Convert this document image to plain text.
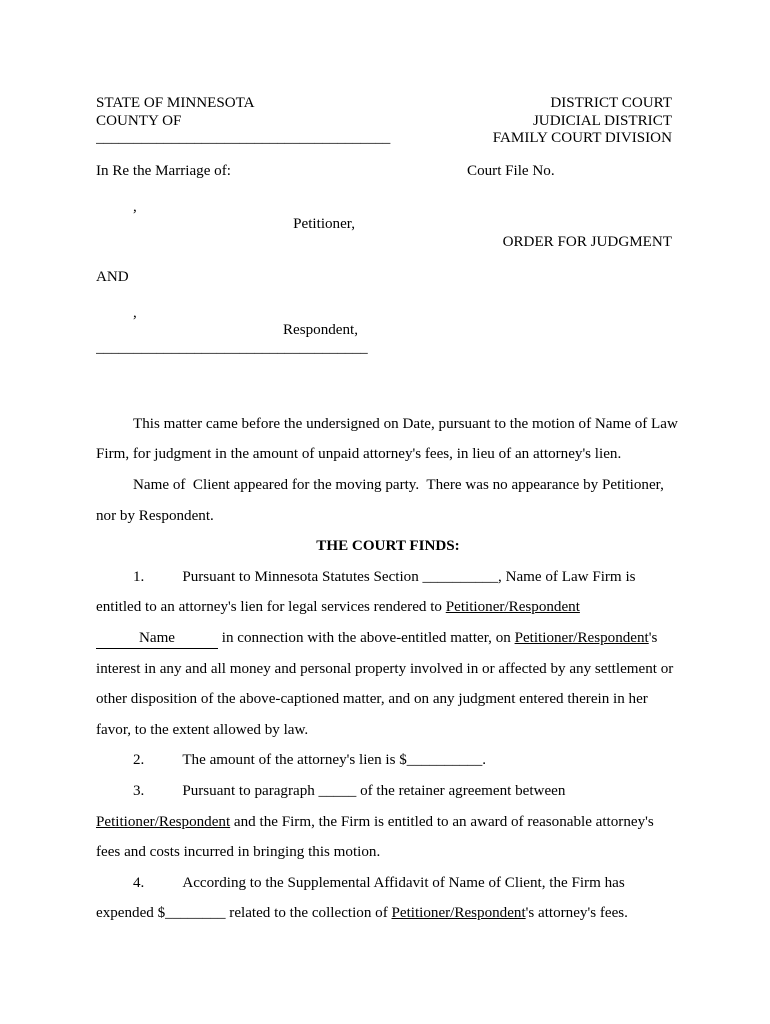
STATE OF MINNESOTA
COUNTY OF
_______________________________________
DISTRICT COURT
JUDICIAL DISTRICT
FAMILY COURT DIVISION
In Re the Marriage of:
,
Petitioner,
AND
,
Respondent,
____________________________________
Court File No.
ORDER FOR JUDGMENT

This matter came before the undersigned on Date, pursuant to the motion of Name of Law Firm, for judgment in the amount of unpaid attorney's fees, in lieu of an attorney's lien.

Name of  Client appeared for the moving party.  There was no appearance by Petitioner, nor by Respondent.

THE COURT FINDS:

1.	Pursuant to Minnesota Statutes Section __________, Name of Law Firm is entitled to an attorney's lien for legal services rendered to Petitioner/Respondent Name	in connection with the above-entitled matter, on Petitioner/Respondent's interest in any and all money and personal property involved in or affected by any settlement or other disposition of the above-captioned matter, and on any judgment entered therein in her favor, to the extent allowed by law.

2.	The amount of the attorney's lien is $__________.

3.	Pursuant to paragraph _____ of the retainer agreement between Petitioner/Respondent and the Firm, the Firm is entitled to an award of reasonable attorney's fees and costs incurred in bringing this motion.

4.	According to the Supplemental Affidavit of Name of Client, the Firm has expended $________ related to the collection of Petitioner/Respondent's attorney's fees.
